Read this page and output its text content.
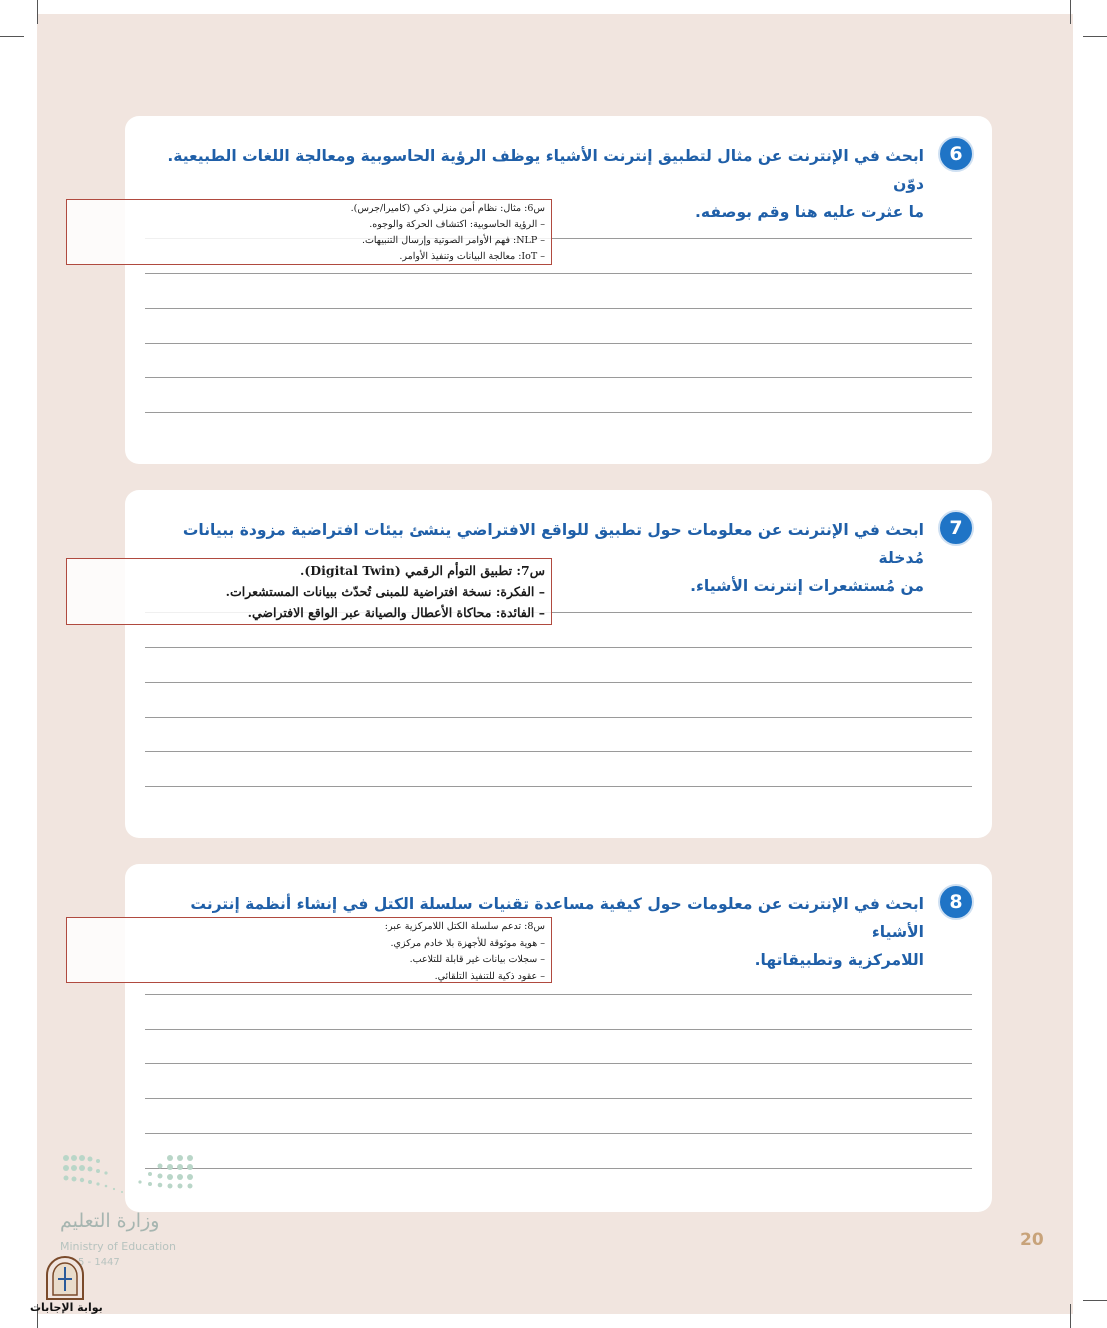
6
ابحث في الإنترنت عن مثال لتطبيق إنترنت الأشياء يوظف الرؤية الحاسوبية ومعالجة اللغات الطبيعية. دوّن
ما عثرت عليه هنا وقم بوصفه.
س6: مثال: نظام أمن منزلي ذكي (كاميرا/جرس).
– الرؤية الحاسوبية: اكتشاف الحركة والوجوه.
– NLP: فهم الأوامر الصوتية وإرسال التنبيهات.
– IoT: معالجة البيانات وتنفيذ الأوامر.
7
ابحث في الإنترنت عن معلومات حول تطبيق للواقع الافتراضي ينشئ بيئات افتراضية مزودة ببيانات مُدخلة
من مُستشعرات إنترنت الأشياء.
س7: تطبيق التوأم الرقمي (Digital Twin).
– الفكرة: نسخة افتراضية للمبنى تُحدّث ببيانات المستشعرات.
– الفائدة: محاكاة الأعطال والصيانة عبر الواقع الافتراضي.
8
ابحث في الإنترنت عن معلومات حول كيفية مساعدة تقنيات سلسلة الكتل في إنشاء أنظمة إنترنت الأشياء
اللامركزية وتطبيقاتها.
س8: تدعم سلسلة الكتل اللامركزية عبر:
– هوية موثوقة للأجهزة بلا خادم مركزي.
– سجلات بيانات غير قابلة للتلاعب.
– عقود ذكية للتنفيذ التلقائي.
وزارة التعليم
Ministry of Education
5 - 1447
20
بوابة الإجابات
